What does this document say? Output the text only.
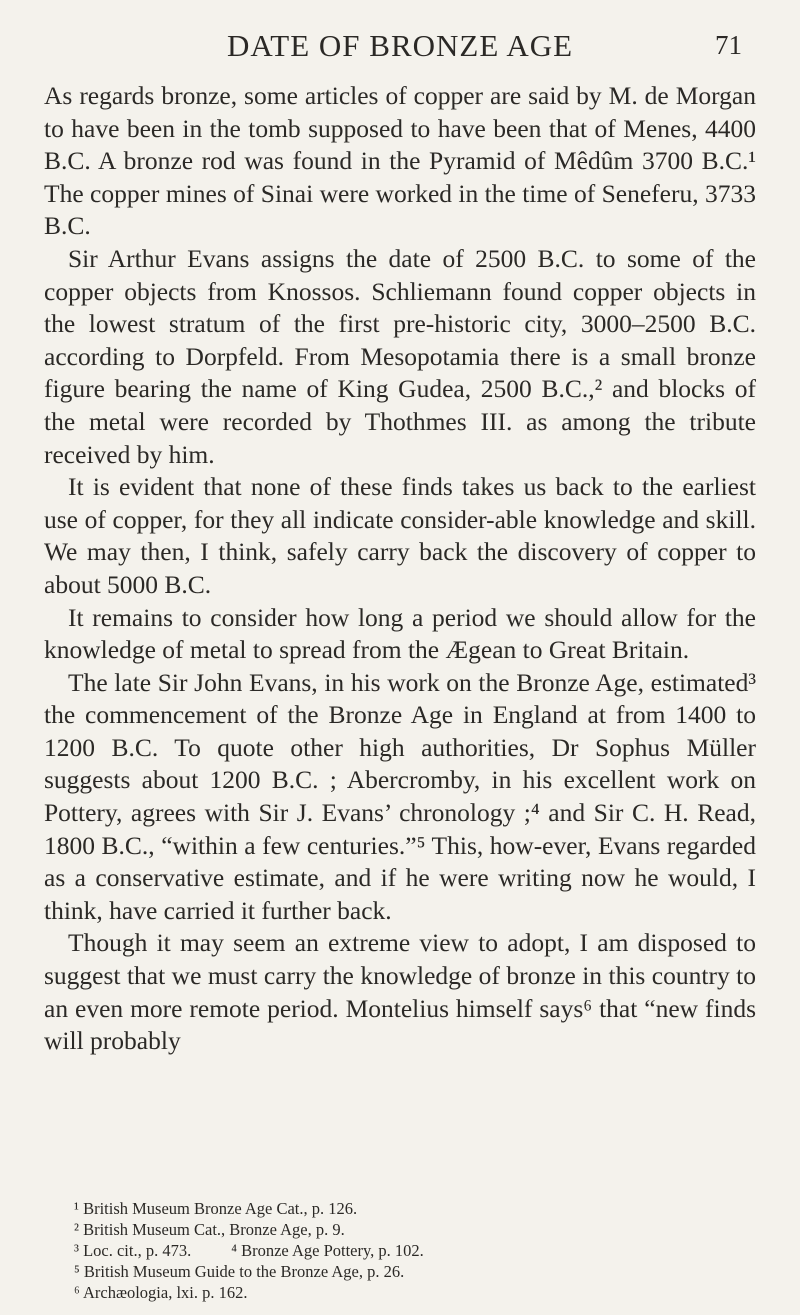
DATE OF BRONZE AGE	71

As regards bronze, some articles of copper are said by M. de Morgan to have been in the tomb supposed to have been that of Menes, 4400 B.C. A bronze rod was found in the Pyramid of Mêdûm 3700 B.C.¹ The copper mines of Sinai were worked in the time of Seneferu, 3733 B.C.

Sir Arthur Evans assigns the date of 2500 B.C. to some of the copper objects from Knossos. Schliemann found copper objects in the lowest stratum of the first pre-historic city, 3000–2500 B.C. according to Dorpfeld. From Mesopotamia there is a small bronze figure bearing the name of King Gudea, 2500 B.C.,² and blocks of the metal were recorded by Thothmes III. as among the tribute received by him.

It is evident that none of these finds takes us back to the earliest use of copper, for they all indicate consider-able knowledge and skill. We may then, I think, safely carry back the discovery of copper to about 5000 B.C.

It remains to consider how long a period we should allow for the knowledge of metal to spread from the Ægean to Great Britain.

The late Sir John Evans, in his work on the Bronze Age, estimated³ the commencement of the Bronze Age in England at from 1400 to 1200 B.C. To quote other high authorities, Dr Sophus Müller suggests about 1200 B.C. ; Abercromby, in his excellent work on Pottery, agrees with Sir J. Evans’ chronology ;⁴ and Sir C. H. Read, 1800 B.C., “within a few centuries.”⁵ This, how-ever, Evans regarded as a conservative estimate, and if he were writing now he would, I think, have carried it further back.

Though it may seem an extreme view to adopt, I am disposed to suggest that we must carry the knowledge of bronze in this country to an even more remote period. Montelius himself says⁶ that “new finds will probably

¹ British Museum Bronze Age Cat., p. 126.
² British Museum Cat., Bronze Age, p. 9.
³ Loc. cit., p. 473. ⁴ Bronze Age Pottery, p. 102.
⁵ British Museum Guide to the Bronze Age, p. 26.
⁶ Archæologia, lxi. p. 162.
